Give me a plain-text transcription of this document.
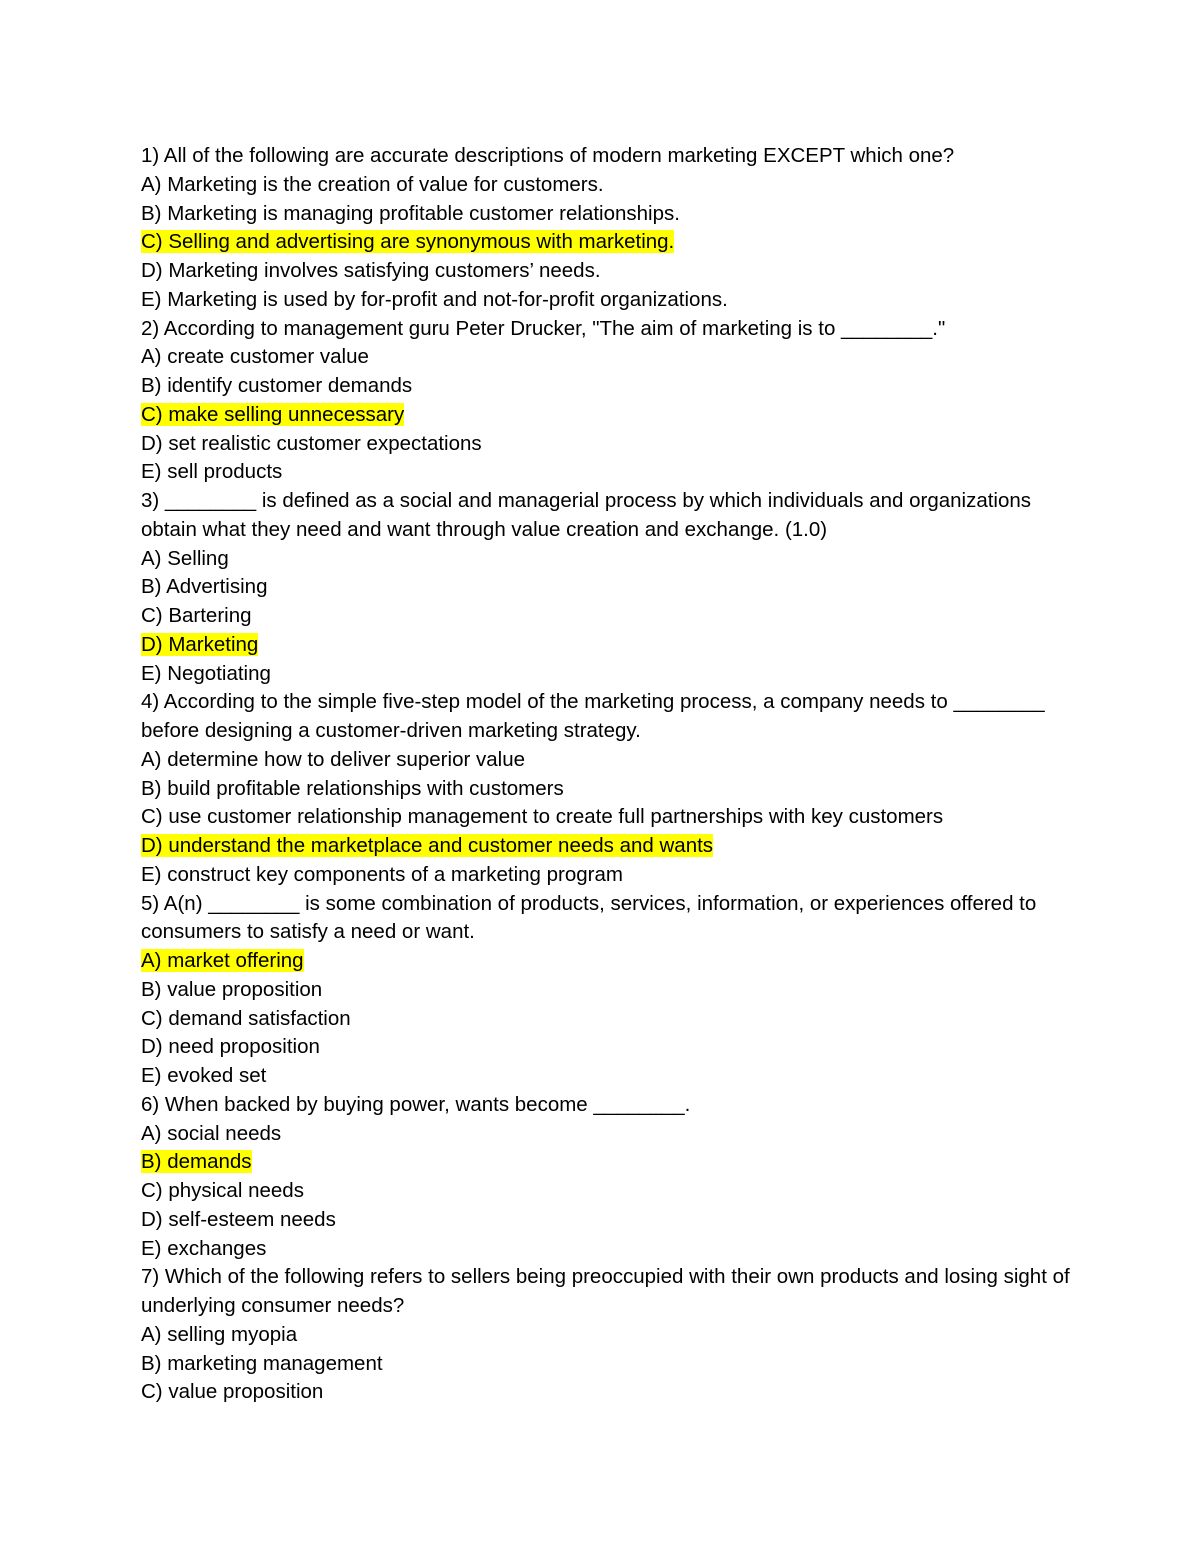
1) All of the following are accurate descriptions of modern marketing EXCEPT which one?
A) Marketing is the creation of value for customers.
B) Marketing is managing profitable customer relationships.
C) Selling and advertising are synonymous with marketing.
D) Marketing involves satisfying customers’ needs.
E) Marketing is used by for-profit and not-for-profit organizations.
2) According to management guru Peter Drucker, "The aim of marketing is to ________."
A) create customer value
B) identify customer demands
C) make selling unnecessary
D) set realistic customer expectations
E) sell products
3) ________ is defined as a social and managerial process by which individuals and organizations obtain what they need and want through value creation and exchange. (1.0)
A) Selling
B) Advertising
C) Bartering
D) Marketing
E) Negotiating
4) According to the simple five-step model of the marketing process, a company needs to ________ before designing a customer-driven marketing strategy.
A) determine how to deliver superior value
B) build profitable relationships with customers
C) use customer relationship management to create full partnerships with key customers
D) understand the marketplace and customer needs and wants
E) construct key components of a marketing program
5) A(n) ________ is some combination of products, services, information, or experiences offered to consumers to satisfy a need or want.
A) market offering
B) value proposition
C) demand satisfaction
D) need proposition
E) evoked set
6) When backed by buying power, wants become ________.
A) social needs
B) demands
C) physical needs
D) self-esteem needs
E) exchanges
7) Which of the following refers to sellers being preoccupied with their own products and losing sight of underlying consumer needs?
A) selling myopia
B) marketing management
C) value proposition
